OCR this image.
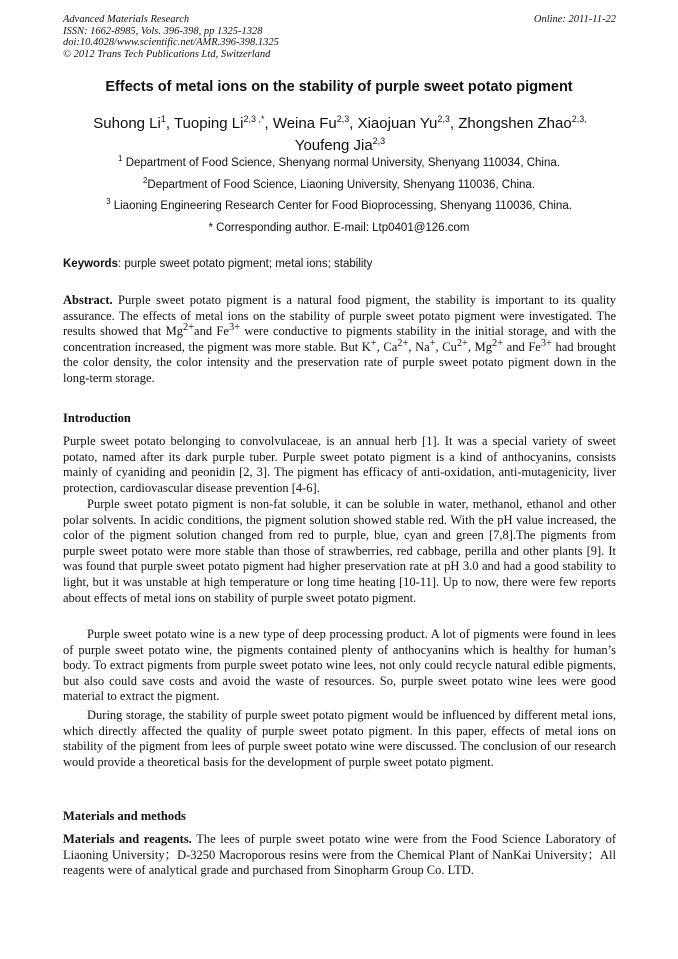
Advanced Materials Research
ISSN: 1662-8985, Vols. 396-398, pp 1325-1328
doi:10.4028/www.scientific.net/AMR.396-398.1325
© 2012 Trans Tech Publications Ltd, Switzerland
Online: 2011-11-22
Effects of metal ions on the stability of purple sweet potato pigment
Suhong Li$^1$, Tuoping $Li^{2,3 ,*}$, Weina Fu$^{2,3}$, Xiaojuan Yu$^{2,3}$, Zhongshen Zhao$^{2,3,}$
Youfeng Jia$^{2,3}$
$^1$ Department of Food Science, Shenyang normal University, Shenyang 110034, China.
$^2$Department of Food Science, Liaoning University, Shenyang 110036, China.
$^3$ Liaoning Engineering Research Center for Food Bioprocessing, Shenyang 110036, China.
* Corresponding author. E-mail: Ltp0401@126.com
Keywords: purple sweet potato pigment; metal ions; stability
Abstract. Purple sweet potato pigment is a natural food pigment, the stability is important to its quality assurance. The effects of metal ions on the stability of purple sweet potato pigment were investigated. The results showed that $Mg^{2+}and$ $Fe^{3+}$ were conductive to pigments stability in the initial storage, and with the concentration increased, the pigment was more stable. But K+, $Ca^{2+}$, Na+, $Cu^{2+}$, $Mg^{2+}$ and $Fe^{3+}$ had brought the color density, the color intensity and the preservation rate of purple sweet potato pigment down in the long-term storage.
Introduction
Purple sweet potato belonging to convolvulaceae, is an annual herb [1]. It was a special variety of sweet potato, named after its dark purple tuber. Purple sweet potato pigment is a kind of anthocyanins, consists mainly of cyaniding and peonidin [2, 3]. The pigment has efficacy of anti-oxidation, anti-mutagenicity, liver protection, cardiovascular disease prevention [4-6].
Purple sweet potato pigment is non-fat soluble, it can be soluble in water, methanol, ethanol and other polar solvents. In acidic conditions, the pigment solution showed stable red. With the pH value increased, the color of the pigment solution changed from red to purple, blue, cyan and green [7,8].The pigments from purple sweet potato were more stable than those of strawberries, red cabbage, perilla and other plants [9]. It was found that purple sweet potato pigment had higher preservation rate at pH 3.0 and had a good stability to light, but it was unstable at high temperature or long time heating [10-11]. Up to now, there were few reports about effects of metal ions on stability of purple sweet potato pigment.
Purple sweet potato wine is a new type of deep processing product. A lot of pigments were found in lees of purple sweet potato wine, the pigments contained plenty of anthocyanins which is healthy for human’s body. To extract pigments from purple sweet potato wine lees, not only could recycle natural edible pigments, but also could save costs and avoid the waste of resources. So, purple sweet potato wine lees were good material to extract the pigment.
During storage, the stability of purple sweet potato pigment would be influenced by different metal ions, which directly affected the quality of purple sweet potato pigment. In this paper, effects of metal ions on stability of the pigment from lees of purple sweet potato wine were discussed. The conclusion of our research would provide a theoretical basis for the development of purple sweet potato pigment.
Materials and methods
Materials and reagents. The lees of purple sweet potato wine were from the Food Science Laboratory of Liaoning University；D-3250 Macroporous resins were from the Chemical Plant of NanKai University；All reagents were of analytical grade and purchased from Sinopharm Group Co. LTD.
